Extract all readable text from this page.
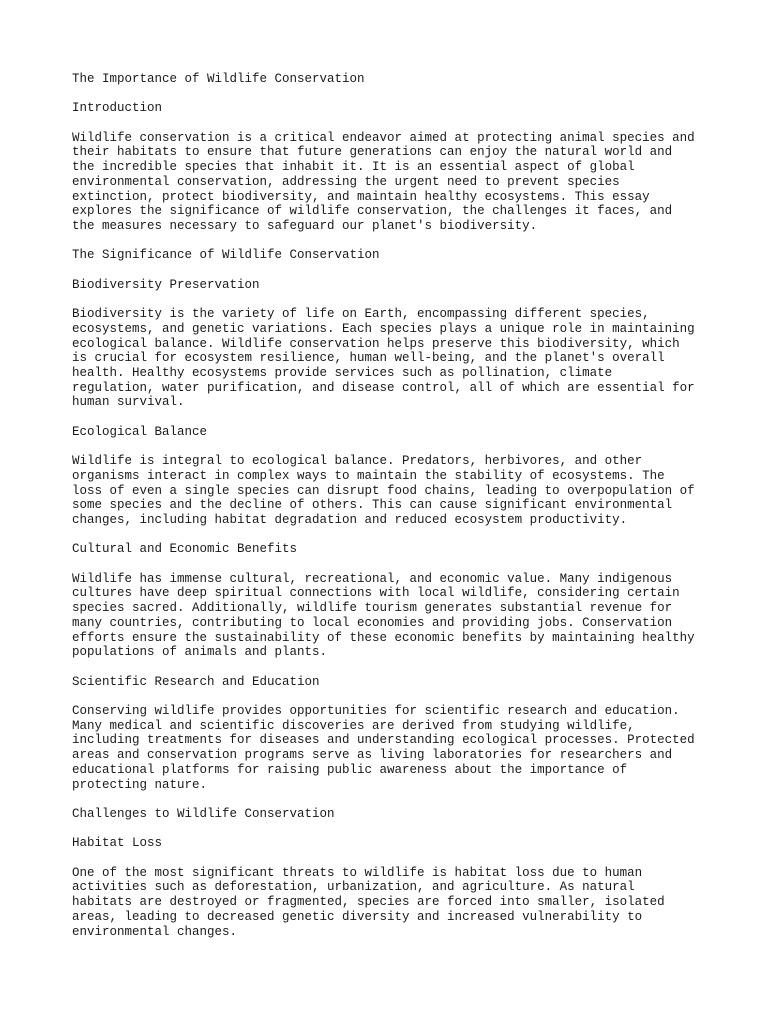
The Importance of Wildlife Conservation

Introduction

Wildlife conservation is a critical endeavor aimed at protecting animal species and
their habitats to ensure that future generations can enjoy the natural world and
the incredible species that inhabit it. It is an essential aspect of global
environmental conservation, addressing the urgent need to prevent species
extinction, protect biodiversity, and maintain healthy ecosystems. This essay
explores the significance of wildlife conservation, the challenges it faces, and
the measures necessary to safeguard our planet's biodiversity.

The Significance of Wildlife Conservation

Biodiversity Preservation

Biodiversity is the variety of life on Earth, encompassing different species,
ecosystems, and genetic variations. Each species plays a unique role in maintaining
ecological balance. Wildlife conservation helps preserve this biodiversity, which
is crucial for ecosystem resilience, human well-being, and the planet's overall
health. Healthy ecosystems provide services such as pollination, climate
regulation, water purification, and disease control, all of which are essential for
human survival.

Ecological Balance

Wildlife is integral to ecological balance. Predators, herbivores, and other
organisms interact in complex ways to maintain the stability of ecosystems. The
loss of even a single species can disrupt food chains, leading to overpopulation of
some species and the decline of others. This can cause significant environmental
changes, including habitat degradation and reduced ecosystem productivity.

Cultural and Economic Benefits

Wildlife has immense cultural, recreational, and economic value. Many indigenous
cultures have deep spiritual connections with local wildlife, considering certain
species sacred. Additionally, wildlife tourism generates substantial revenue for
many countries, contributing to local economies and providing jobs. Conservation
efforts ensure the sustainability of these economic benefits by maintaining healthy
populations of animals and plants.

Scientific Research and Education

Conserving wildlife provides opportunities for scientific research and education.
Many medical and scientific discoveries are derived from studying wildlife,
including treatments for diseases and understanding ecological processes. Protected
areas and conservation programs serve as living laboratories for researchers and
educational platforms for raising public awareness about the importance of
protecting nature.

Challenges to Wildlife Conservation

Habitat Loss

One of the most significant threats to wildlife is habitat loss due to human
activities such as deforestation, urbanization, and agriculture. As natural
habitats are destroyed or fragmented, species are forced into smaller, isolated
areas, leading to decreased genetic diversity and increased vulnerability to
environmental changes.
